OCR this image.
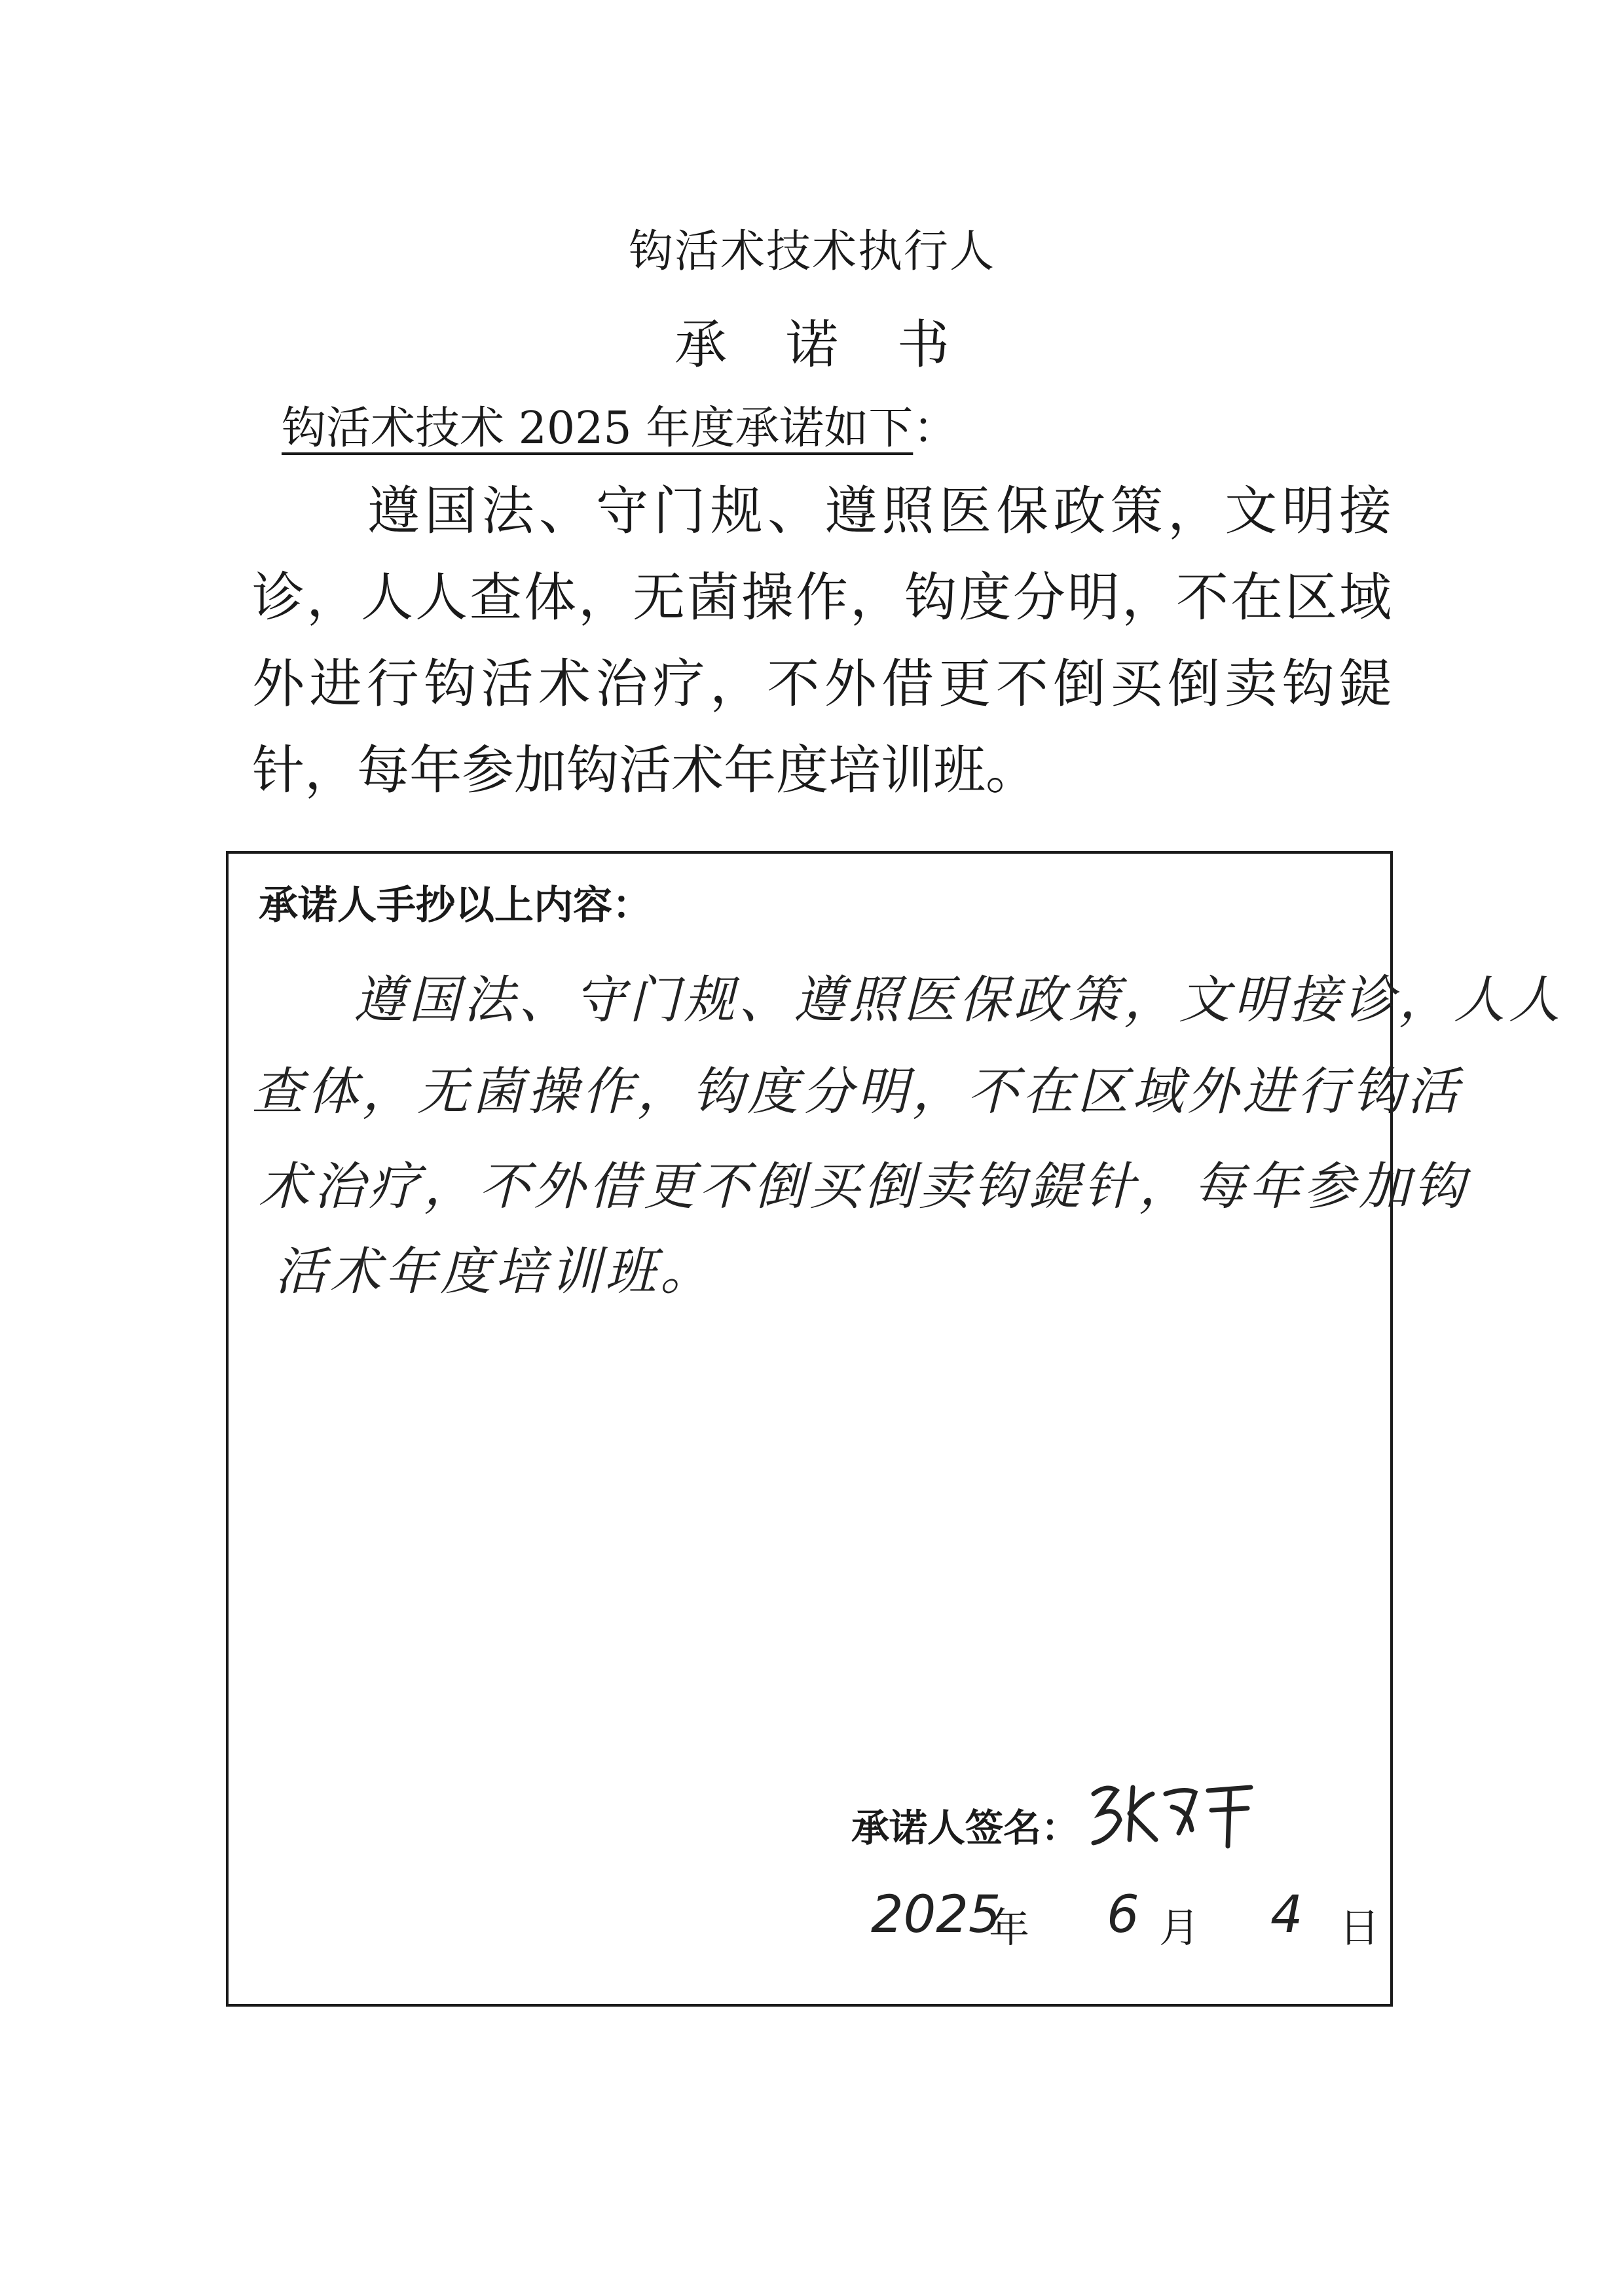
钩活术技术执行人
承诺书
钩活术技术 2025 年度承诺如下：
遵国法、守门规、遵照医保政策，文明接诊，人人查体，无菌操作，钩度分明，不在区域外进行钩活术治疗，不外借更不倒买倒卖钩鍉针，每年参加钩活术年度培训班。
承诺人手抄以上内容：
遵国法、守门规、遵照医保政策，文明接诊，人人
查体，无菌操作，钩度分明，不在区域外进行钩活
术治疗，不外借更不倒买倒卖钩鍉针，每年参加钩
活术年度培训班。
承诺人签名：
2025
年 6 月 4 日
